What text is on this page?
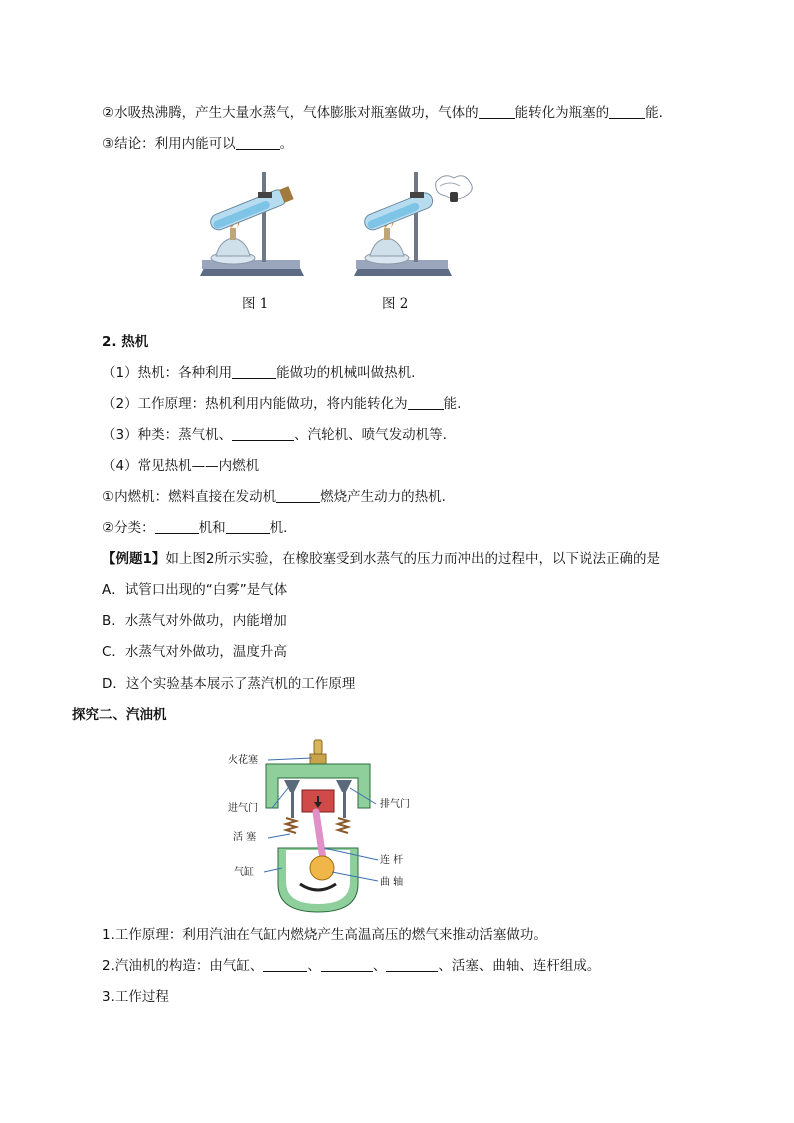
②水吸热沸腾，产生大量水蒸气，气体膨胀对瓶塞做功，气体的	能转化为瓶塞的	能.
③结论：利用内能可以	。
图 1	图 2
2. 热机
（1）热机：各种利用	能做功的机械叫做热机.
（2）工作原理：热机利用内能做功，将内能转化为	能.
（3）种类：蒸气机、	、汽轮机、喷气发动机等.
（4）常见热机——内燃机
①内燃机：燃料直接在发动机	燃烧产生动力的热机.
②分类：	机和	机.
【例题1】如上图2所示实验，在橡胶塞受到水蒸气的压力而冲出的过程中，以下说法正确的是
A．试管口出现的“白雾”是气体
B．水蒸气对外做功，内能增加
C．水蒸气对外做功，温度升高
D．这个实验基本展示了蒸汽机的工作原理
探究二、汽油机
火花塞
进气门	排气门
活 塞
连 杆
气缸
曲 轴
1.工作原理：利用汽油在气缸内燃烧产生高温高压的燃气来推动活塞做功。
2.汽油机的构造：由气缸、	、	、	、活塞、曲轴、连杆组成。
3.工作过程
